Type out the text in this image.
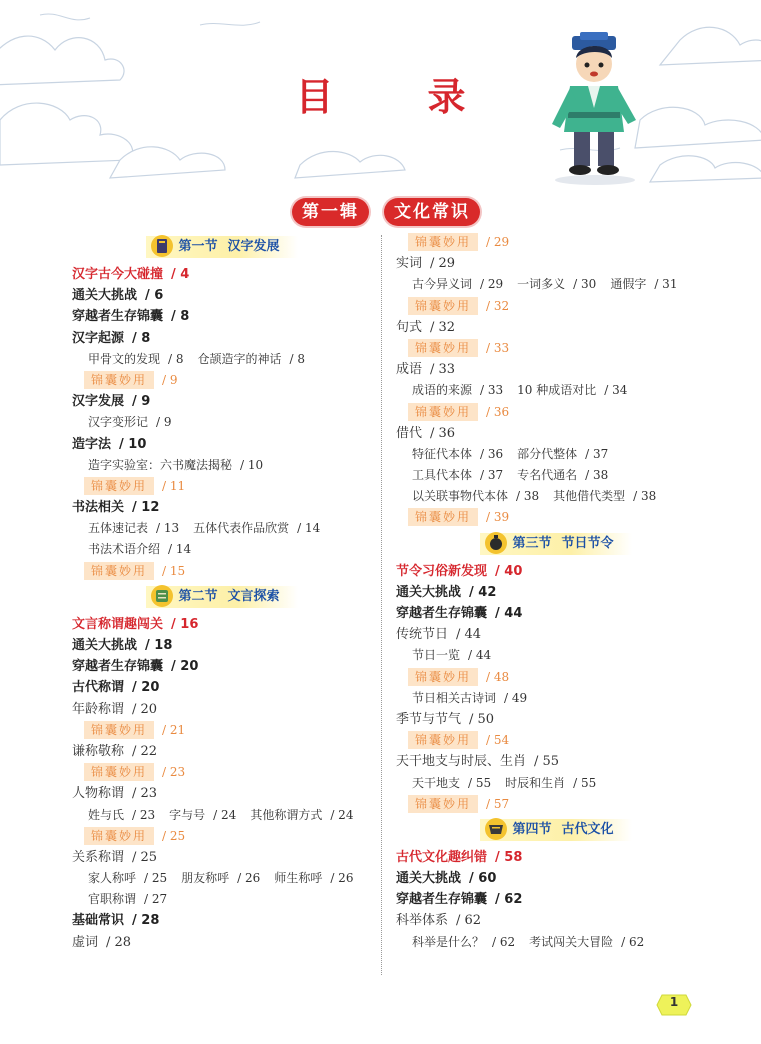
目　录
第一辑	文化常识
第一节 汉字发展
汉字古今大碰撞 / 4
通关大挑战 / 6
穿越者生存锦囊 / 8
汉字起源 / 8
甲骨文的发现 / 8 仓颉造字的神话 / 8
锦囊妙用 / 9
汉字发展 / 9
汉字变形记 / 9
造字法 / 10
造字实验室：六书魔法揭秘 / 10
锦囊妙用 / 11
书法相关 / 12
五体速记表 / 13 五体代表作品欣赏 / 14
书法术语介绍 / 14
锦囊妙用 / 15
第二节 文言探索
文言称谓趣闯关 / 16
通关大挑战 / 18
穿越者生存锦囊 / 20
古代称谓 / 20
年龄称谓 / 20
锦囊妙用 / 21
谦称敬称 / 22
锦囊妙用 / 23
人物称谓 / 23
姓与氏 / 23 字与号 / 24 其他称谓方式 / 24
锦囊妙用 / 25
关系称谓 / 25
家人称呼 / 25 朋友称呼 / 26 师生称呼 / 26
官职称谓 / 27
基础常识 / 28
虚词 / 28
锦囊妙用 / 29
实词 / 29
古今异义词 / 29 一词多义 / 30 通假字 / 31
锦囊妙用 / 32
句式 / 32
锦囊妙用 / 33
成语 / 33
成语的来源 / 33 10 种成语对比 / 34
锦囊妙用 / 36
借代 / 36
特征代本体 / 36 部分代整体 / 37
工具代本体 / 37 专名代通名 / 38
以关联事物代本体 / 38 其他借代类型 / 38
锦囊妙用 / 39
第三节 节日节令
节令习俗新发现 / 40
通关大挑战 / 42
穿越者生存锦囊 / 44
传统节日 / 44
节日一览 / 44
锦囊妙用 / 48
节日相关古诗词 / 49
季节与节气 / 50
锦囊妙用 / 54
天干地支与时辰、生肖 / 55
天干地支 / 55 时辰和生肖 / 55
锦囊妙用 / 57
第四节 古代文化
古代文化趣纠错 / 58
通关大挑战 / 60
穿越者生存锦囊 / 62
科举体系 / 62
科举是什么？ / 62 考试闯关大冒险 / 62
1
